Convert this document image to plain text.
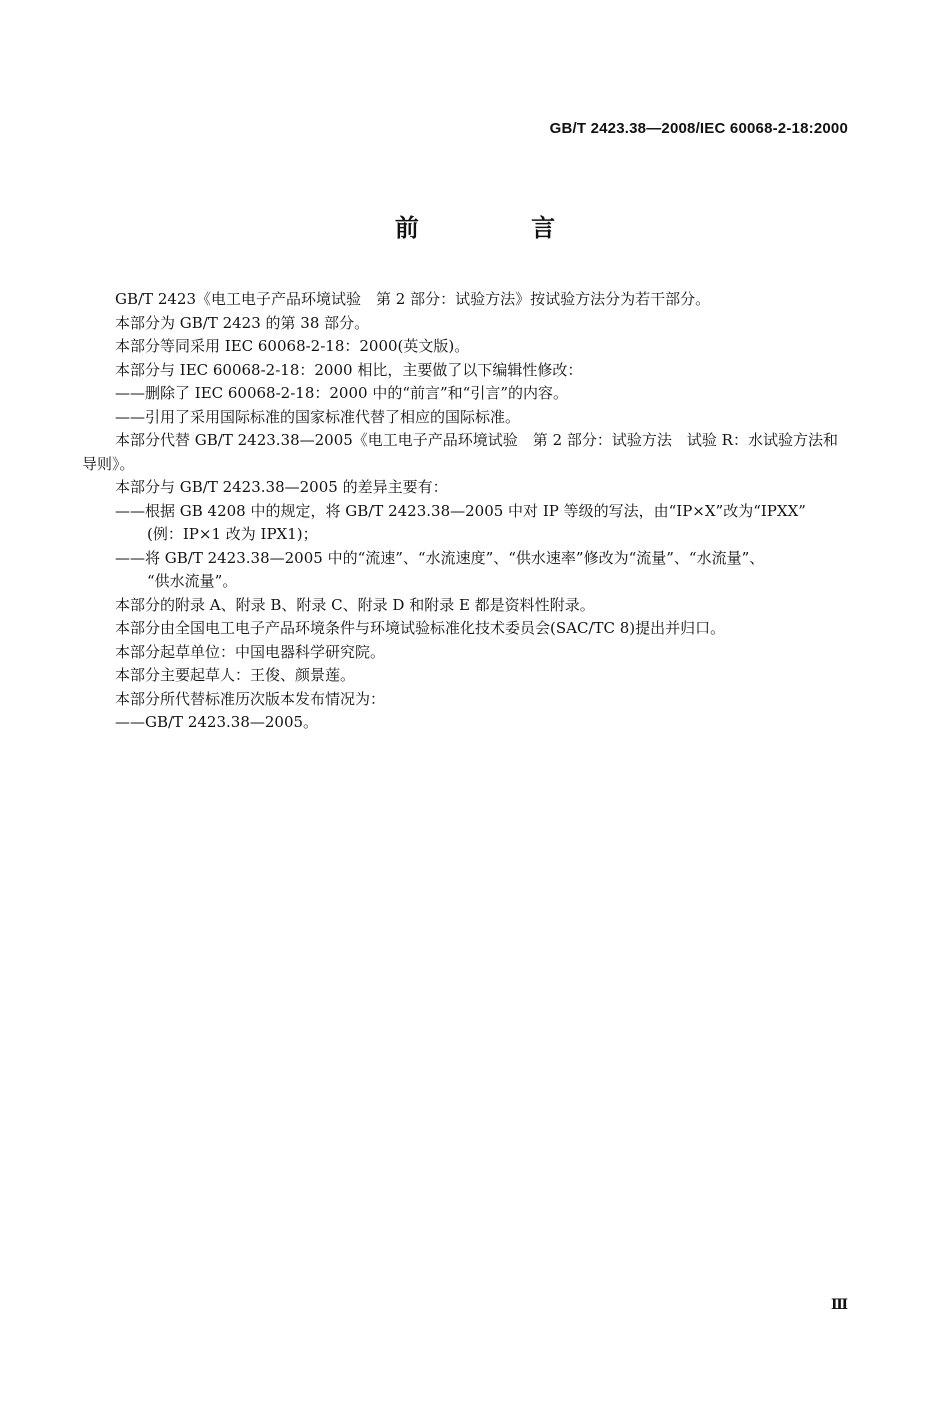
GB/T 2423.38—2008/IEC 60068-2-18:2000
前 言

GB/T 2423《电工电子产品环境试验　第 2 部分：试验方法》按试验方法分为若干部分。

本部分为 GB/T 2423 的第 38 部分。

本部分等同采用 IEC 60068-2-18：2000(英文版)。

本部分与 IEC 60068-2-18：2000 相比，主要做了以下编辑性修改：

——删除了 IEC 60068-2-18：2000 中的“前言”和“引言”的内容。

——引用了采用国际标准的国家标准代替了相应的国际标准。

本部分代替 GB/T 2423.38—2005《电工电子产品环境试验　第 2 部分：试验方法　试验 R：水试验方法和导则》。

本部分与 GB/T 2423.38—2005 的差异主要有：

——根据 GB 4208 中的规定，将 GB/T 2423.38—2005 中对 IP 等级的写法，由“IP×X”改为“IPXX”

(例：IP×1 改为 IPX1)；

——将 GB/T 2423.38—2005 中的“流速”、“水流速度”、“供水速率”修改为“流量”、“水流量”、

“供水流量”。

本部分的附录 A、附录 B、附录 C、附录 D 和附录 E 都是资料性附录。

本部分由全国电工电子产品环境条件与环境试验标准化技术委员会(SAC/TC 8)提出并归口。

本部分起草单位：中国电器科学研究院。

本部分主要起草人：王俊、颜景莲。

本部分所代替标准历次版本发布情况为：

——GB/T 2423.38—2005。

Ⅲ
